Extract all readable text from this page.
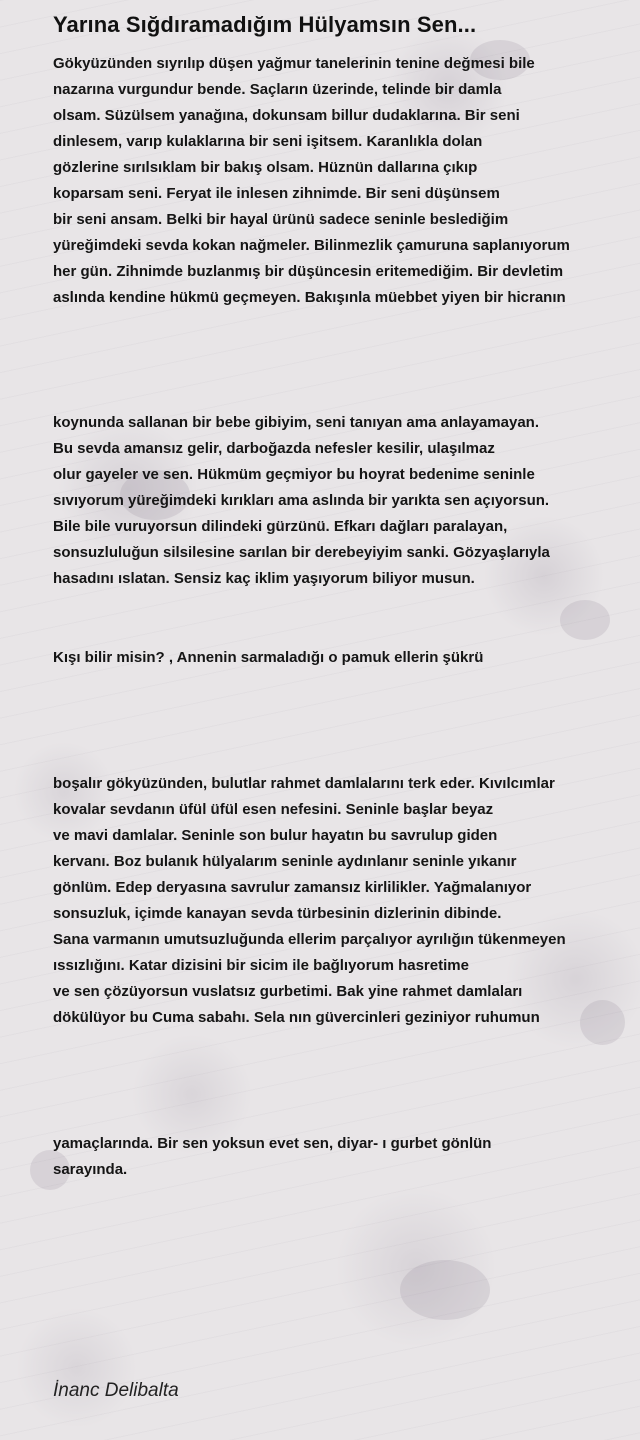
Yarına Sığdıramadığım Hülyamsın Sen...
Gökyüzünden sıyrılıp düşen yağmur tanelerinin tenine değmesi bile
nazarına vurgundur bende. Saçların üzerinde, telinde bir damla
olsam. Süzülsem yanağına, dokunsam billur dudaklarına. Bir seni
dinlesem, varıp kulaklarına bir seni işitsem. Karanlıkla dolan
gözlerine sırılsıklam bir bakış olsam. Hüznün dallarına çıkıp
koparsam seni. Feryat ile inlesen zihnimde. Bir seni düşünsem
bir seni ansam. Belki bir hayal ürünü sadece seninle beslediğim
yüreğimdeki sevda kokan nağmeler. Bilinmezlik çamuruna saplanıyorum
her gün. Zihnimde buzlanmış bir düşüncesin eritemediğim. Bir devletim
aslında kendine hükmü geçmeyen. Bakışınla müebbet yiyen bir hicranın
koynunda sallanan bir bebe gibiyim, seni tanıyan ama anlayamayan.
Bu sevda amansız gelir, darboğazda nefesler kesilir, ulaşılmaz
olur gayeler ve sen. Hükmüm geçmiyor bu hoyrat bedenime seninle
sıvıyorum yüreğimdeki kırıkları ama aslında bir yarıkta sen açıyorsun.
Bile bile vuruyorsun dilindeki gürzünü. Efkarı dağları paralayan,
sonsuzluluğun silsilesine sarılan bir derebeyiyim sanki. Gözyaşlarıyla
hasadını ıslatan. Sensiz kaç iklim yaşıyorum biliyor musun.
Kışı bilir misin? , Annenin sarmaladığı o pamuk ellerin şükrü
boşalır gökyüzünden, bulutlar rahmet damlalarını terk eder. Kıvılcımlar
kovalar sevdanın üfül üfül esen nefesini. Seninle başlar beyaz
ve mavi damlalar. Seninle son bulur hayatın bu savrulup giden
kervanı. Boz bulanık hülyalarım seninle aydınlanır seninle yıkanır
gönlüm. Edep deryasına savrulur zamansız kirlilikler. Yağmalanıyor
sonsuzluk, içimde kanayan sevda türbesinin dizlerinin dibinde.
Sana varmanın umutsuzluğunda ellerim parçalıyor ayrılığın tükenmeyen
ıssızlığını. Katar dizisini bir sicim ile bağlıyorum hasretime
ve sen çözüyorsun vuslatsız gurbetimi. Bak yine rahmet damlaları
dökülüyor bu Cuma sabahı. Sela nın güvercinleri geziniyor ruhumun
yamaçlarında. Bir sen yoksun evet sen, diyar- ı gurbet gönlün
sarayında.

İnanc Delibalta
